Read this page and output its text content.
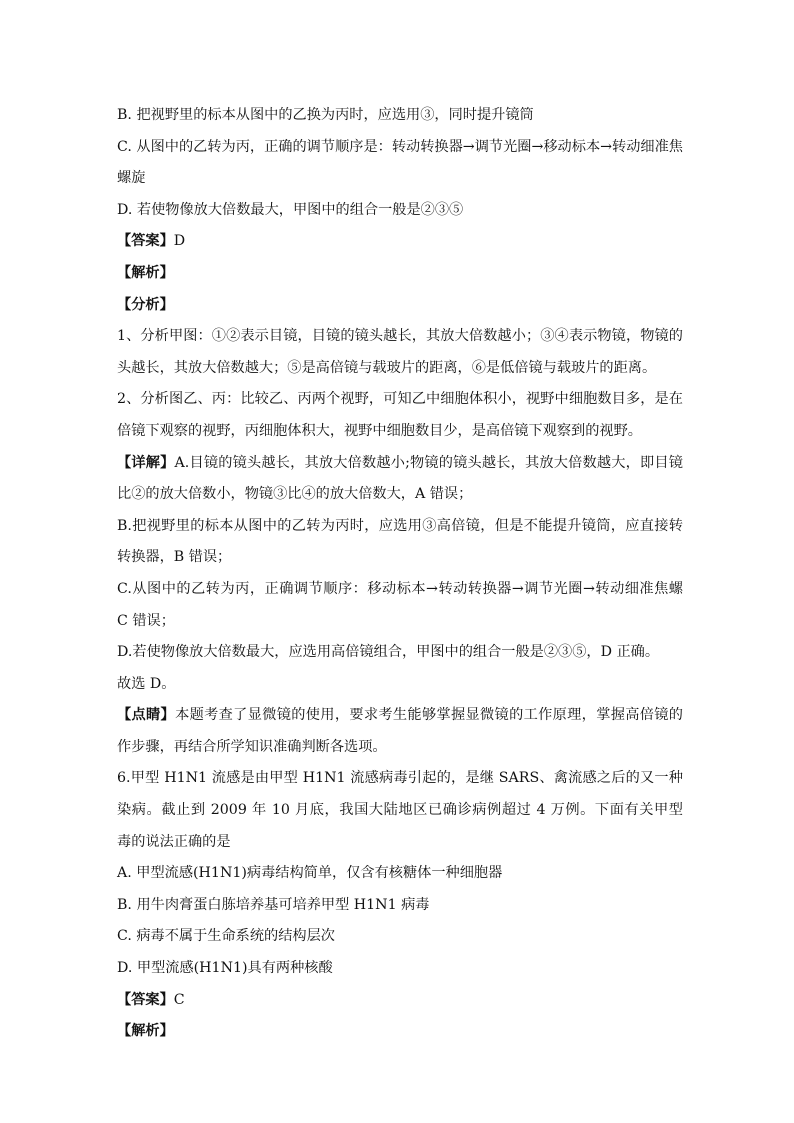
B. 把视野里的标本从图中的乙换为丙时，应选用③，同时提升镜筒
C. 从图中的乙转为丙，正确的调节顺序是：转动转换器→调节光圈→移动标本→转动细准焦
螺旋
D. 若使物像放大倍数最大，甲图中的组合一般是②③⑤
【答案】D
【解析】
【分析】
1、分析甲图：①②表示目镜，目镜的镜头越长，其放大倍数越小；③④表示物镜，物镜的
头越长，其放大倍数越大；⑤是高倍镜与载玻片的距离，⑥是低倍镜与载玻片的距离。
2、分析图乙、丙：比较乙、丙两个视野，可知乙中细胞体积小，视野中细胞数目多，是在
倍镜下观察的视野，丙细胞体积大，视野中细胞数目少，是高倍镜下观察到的视野。
【详解】A.目镜的镜头越长，其放大倍数越小;物镜的镜头越长，其放大倍数越大，即目镜
比②的放大倍数小，物镜③比④的放大倍数大，A 错误；
B.把视野里的标本从图中的乙转为丙时，应选用③高倍镜，但是不能提升镜筒，应直接转
转换器，B 错误；
C.从图中的乙转为丙，正确调节顺序：移动标本→转动转换器→调节光圈→转动细准焦螺
C 错误；
D.若使物像放大倍数最大，应选用高倍镜组合，甲图中的组合一般是②③⑤，D 正确。
故选 D。
【点睛】本题考查了显微镜的使用，要求考生能够掌握显微镜的工作原理，掌握高倍镜的
作步骤，再结合所学知识准确判断各选项。
6.甲型 H1N1 流感是由甲型 H1N1 流感病毒引起的，是继 SARS、禽流感之后的又一种
染病。截止到 2009 年 10 月底，我国大陆地区已确诊病例超过 4 万例。下面有关甲型
毒的说法正确的是
A. 甲型流感(H1N1)病毒结构简单，仅含有核糖体一种细胞器
B. 用牛肉膏蛋白胨培养基可培养甲型 H1N1 病毒
C. 病毒不属于生命系统的结构层次
D. 甲型流感(H1N1)具有两种核酸
【答案】C
【解析】
